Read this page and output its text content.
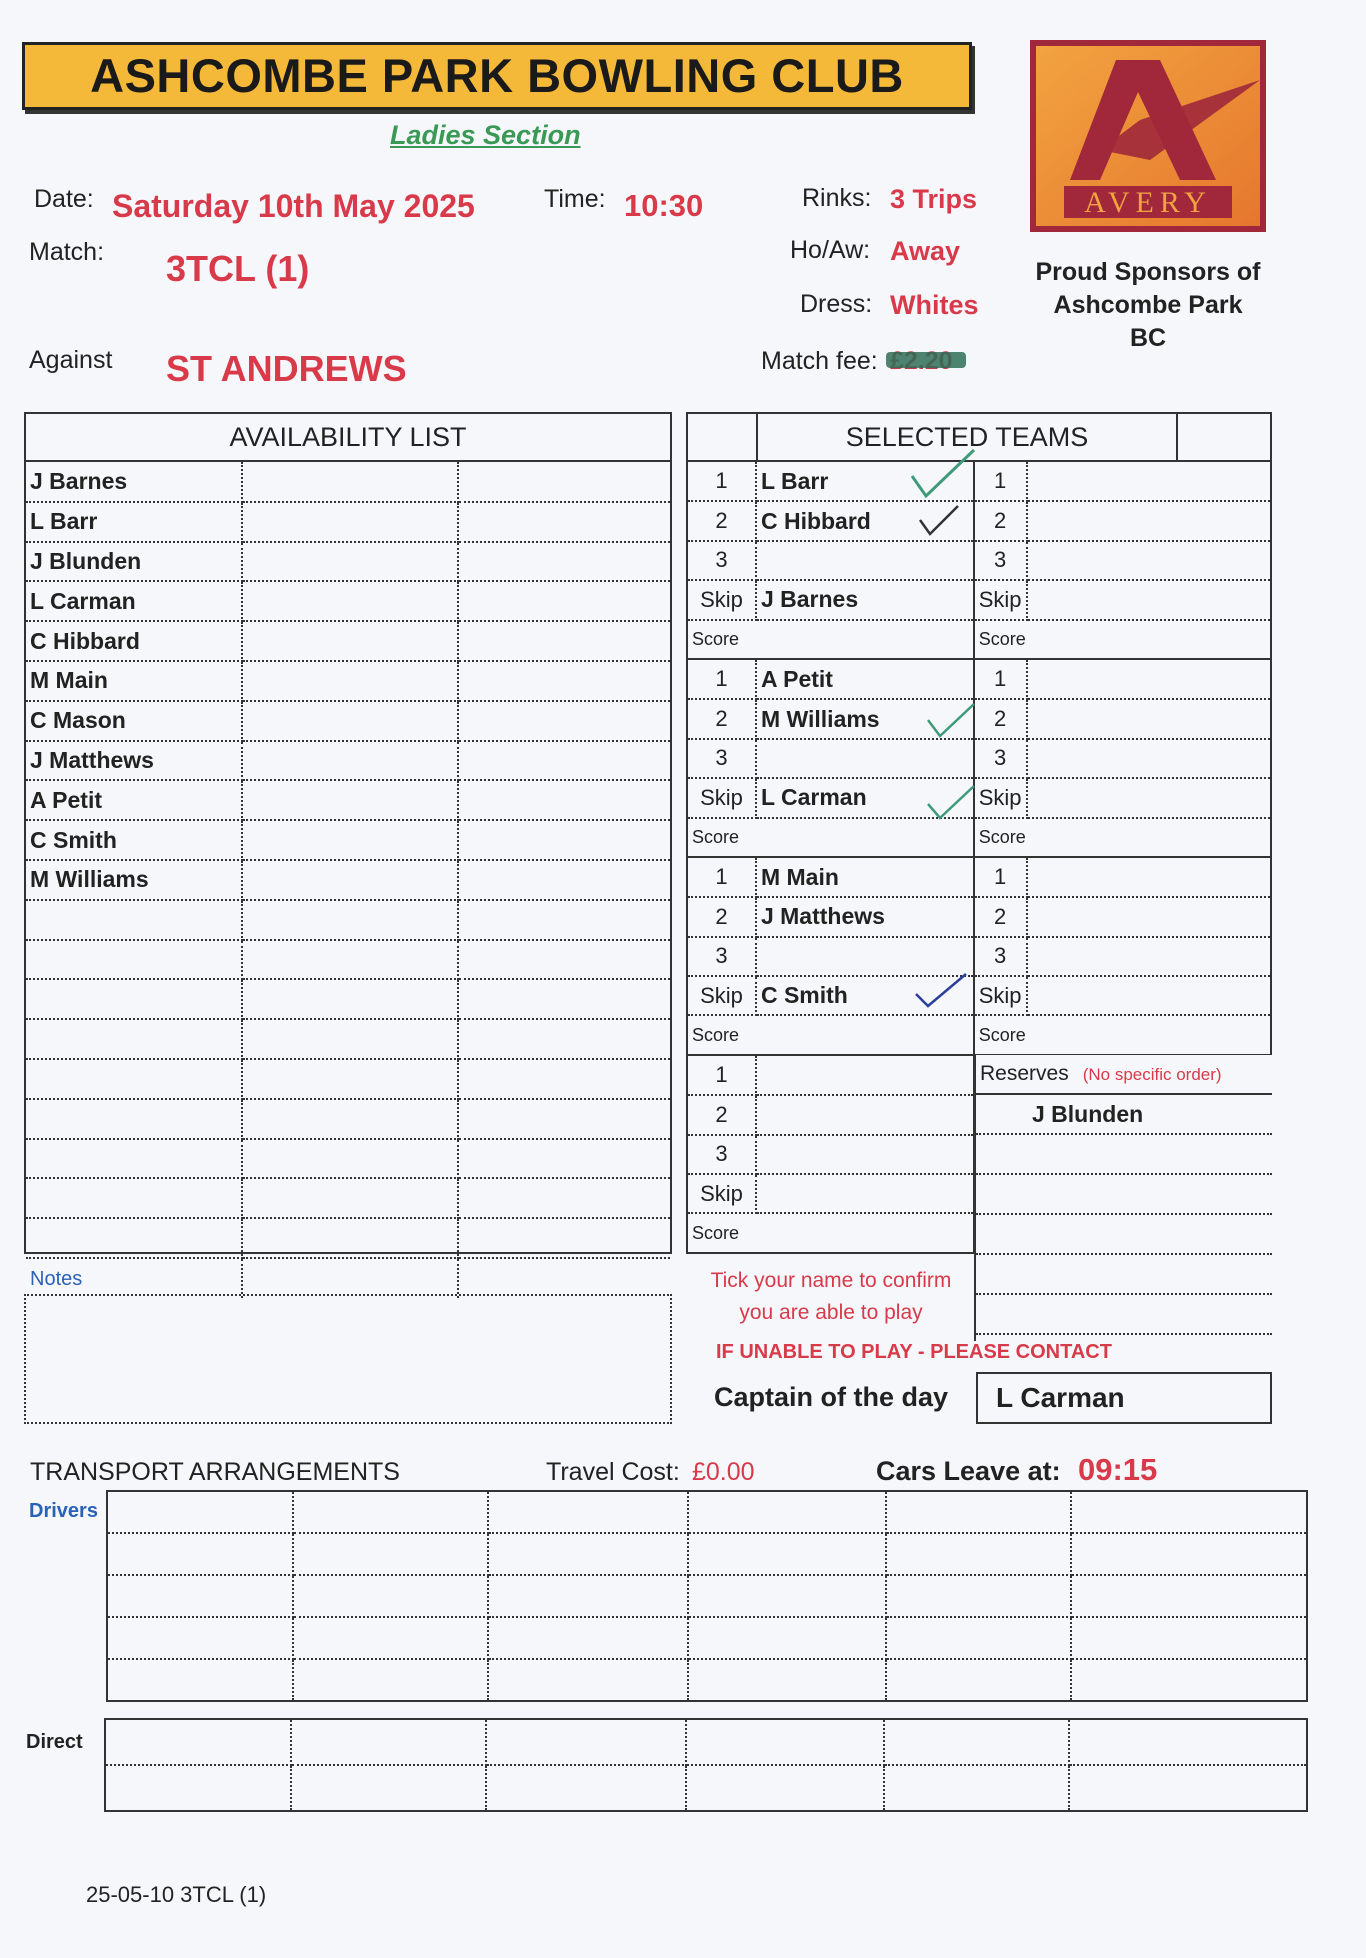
ASHCOMBE PARK BOWLING CLUB
Ladies Section
AVERY
Proud Sponsors of
Ashcombe Park
BC
Date: Saturday 10th May 2025	Time: 10:30
Match: 3TCL (1)
Against ST ANDREWS
Rinks: 3 Trips
Ho/Aw: Away
Dress: Whites
Match fee:
AVAILABILITY LIST
J Barnes		
L Barr		
J Blunden		
L Carman		
C Hibbard		
M Main		
C Mason		
J Matthews		
A Petit		
C Smith		
M Williams		

SELECTED TEAMS
1	L Barr	1	
2	C Hibbard	2	
3		3	
Skip	J Barnes	Skip	
Score		Score	
1	A Petit	1	
2	M Williams	2	
3		3	
Skip	L Carman	Skip	
Score		Score	
1	M Main	1	
2	J Matthews	2	
3		3	
Skip	C Smith	Skip	
Score		Score	
1			
2			
3			
Skip			
Score			
Reserves (No specific order)
J Blunden
Notes	Tick your name to confirm
you are able to play
IF UNABLE TO PLAY - PLEASE CONTACT
Captain of the day	L Carman
TRANSPORT ARRANGEMENTS	Travel Cost: £0.00	Cars Leave at: 09:15
Drivers

Direct

25-05-10 3TCL (1)
